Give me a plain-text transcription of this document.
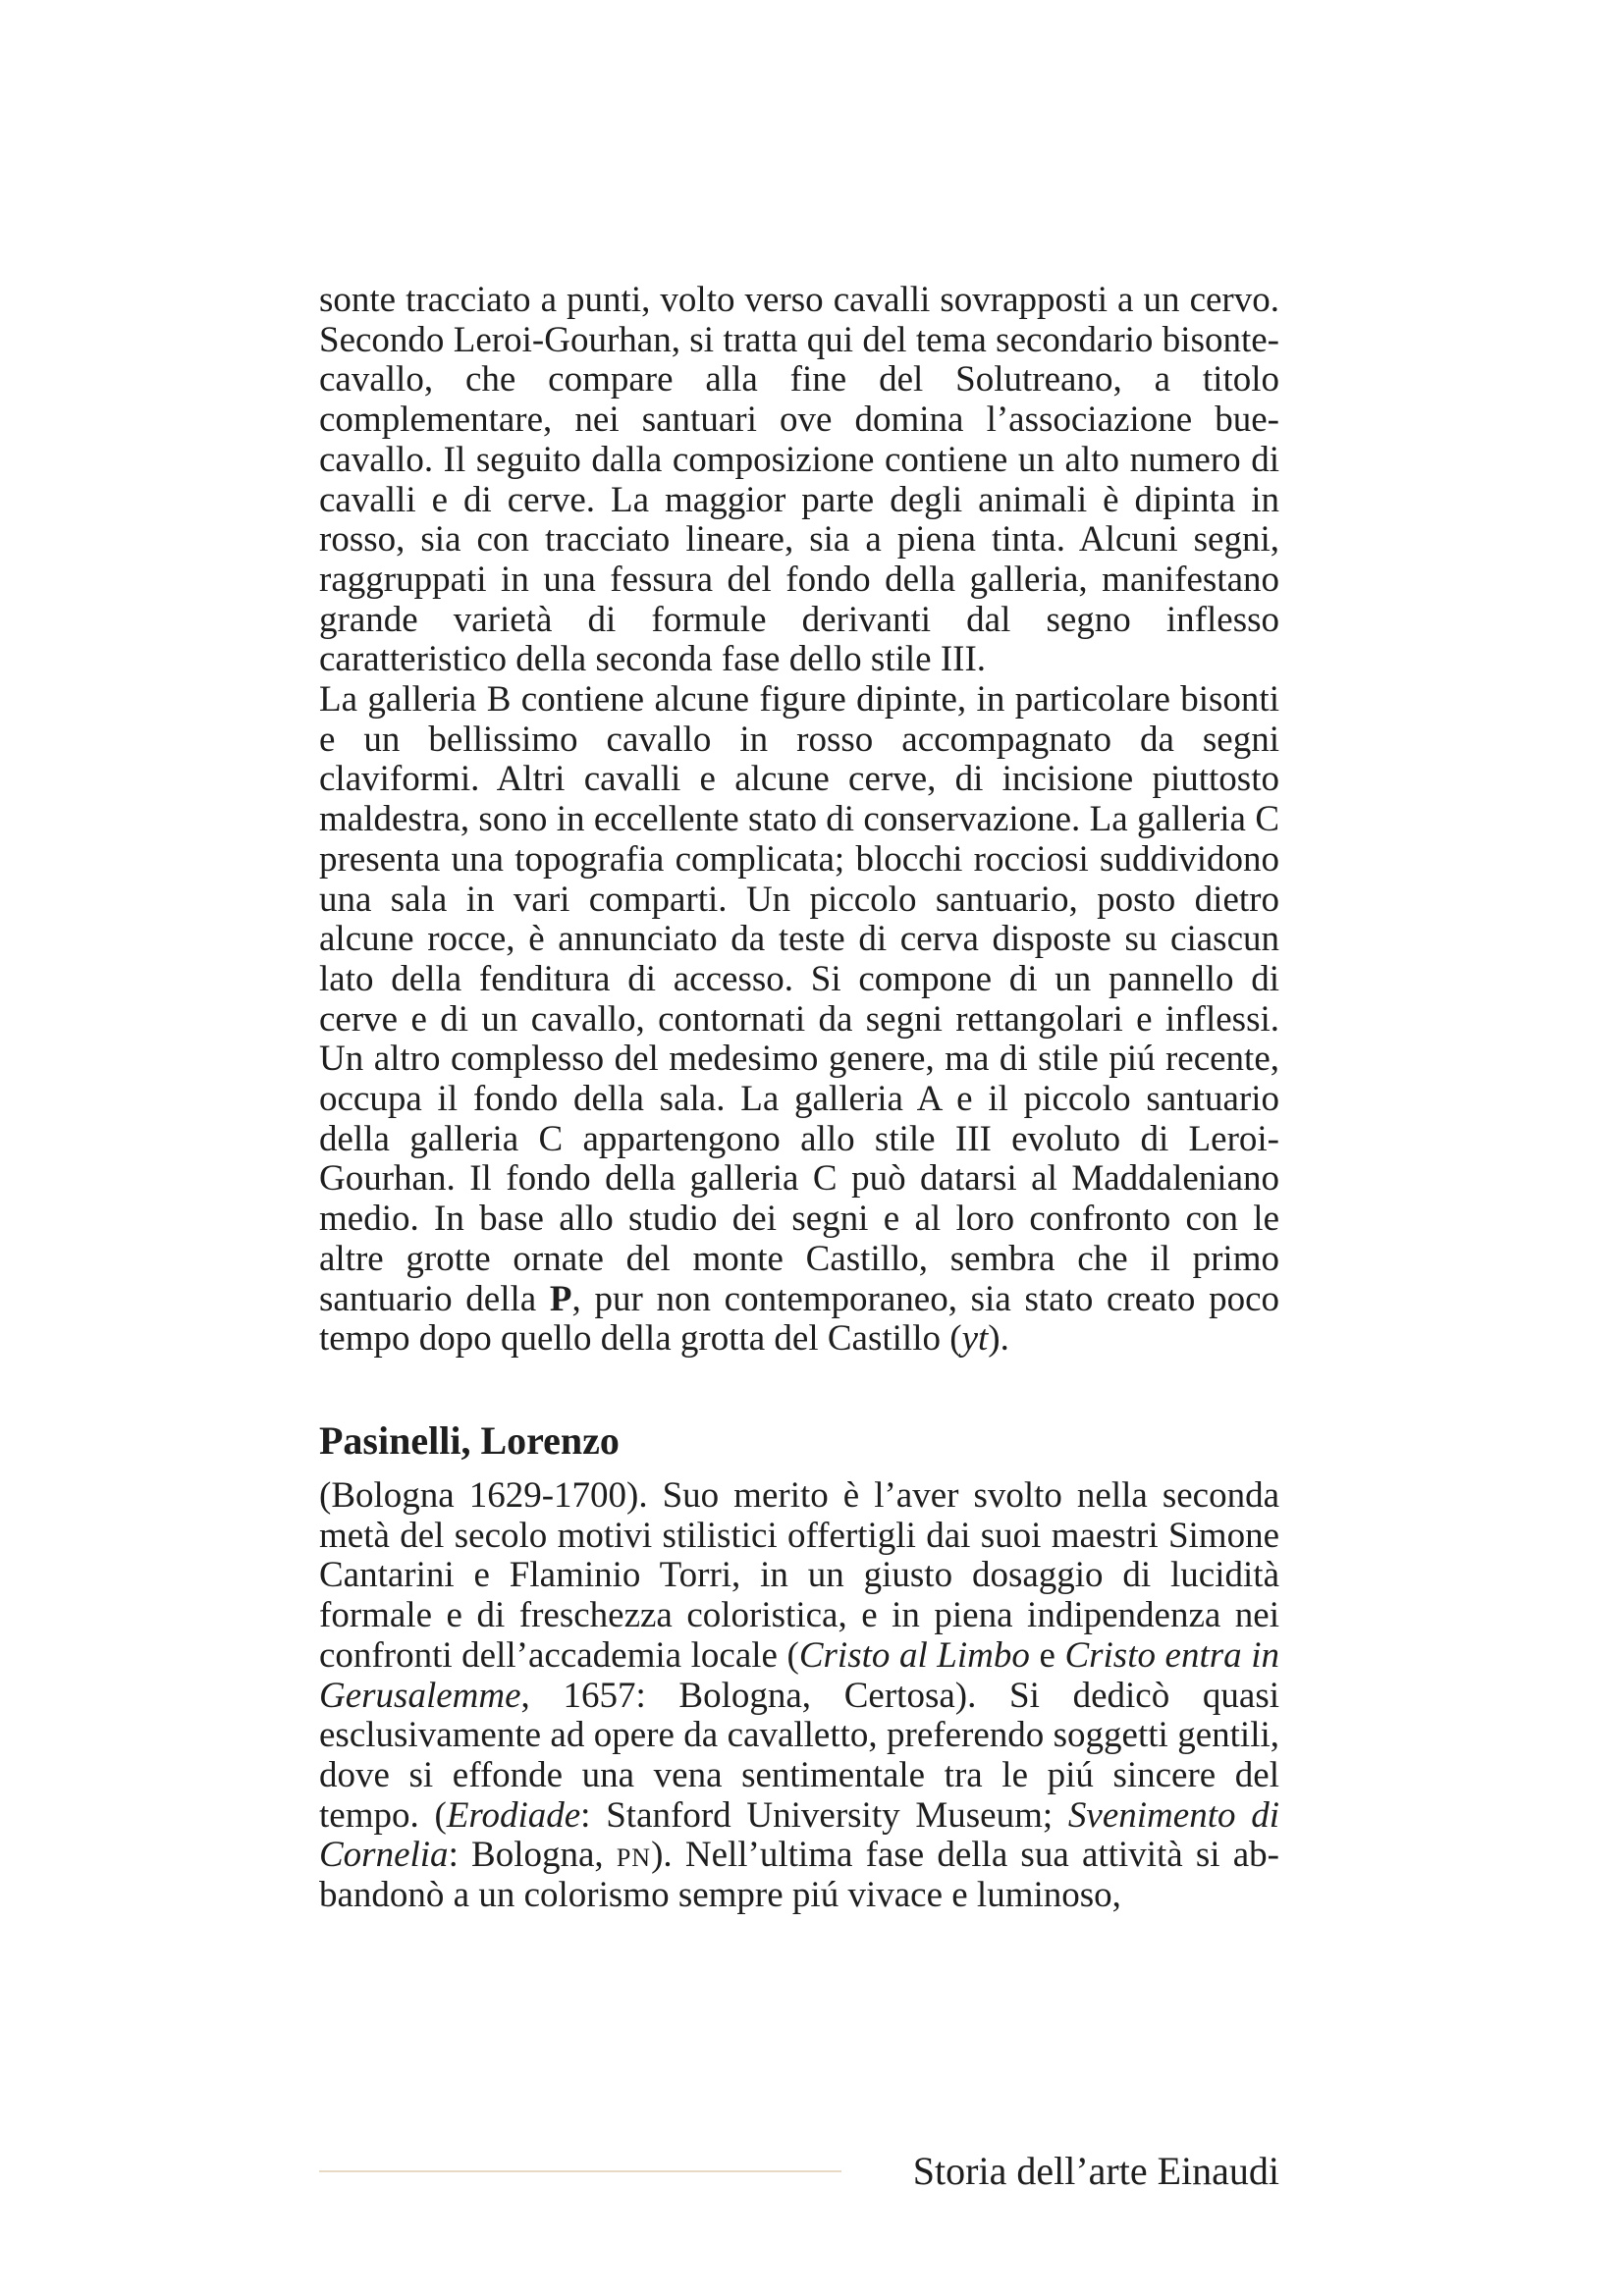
sonte tracciato a punti, volto verso cavalli sovrapposti a un cervo. Secondo Leroi-Gourhan, si tratta qui del tema secondario bisonte-cavallo, che compare alla fine del Solutreano, a titolo complementare, nei santuari ove domina l’associazione bue-cavallo. Il seguito dalla composizione contiene un alto numero di cavalli e di cerve. La maggior parte degli animali è dipinta in rosso, sia con tracciato lineare, sia a piena tinta. Alcuni segni, raggruppati in una fessura del fondo della galleria, manifestano grande varietà di formule derivanti dal segno inflesso caratteristico della seconda fase dello stile III.

La galleria B contiene alcune figure dipinte, in particolare bisonti e un bellissimo cavallo in rosso accompagnato da segni claviformi. Altri cavalli e alcune cerve, di incisione piuttosto maldestra, sono in eccellente stato di conservazione. La galleria C presenta una topografia complicata; blocchi rocciosi suddividono una sala in vari comparti. Un piccolo santuario, posto dietro alcune rocce, è annunciato da teste di cerva disposte su ciascun lato della fenditura di accesso. Si compone di un pannello di cerve e di un cavallo, contornati da segni rettangolari e inflessi. Un altro complesso del medesimo genere, ma di stile piú recente, occupa il fondo della sala. La galleria A e il piccolo santuario della galleria C appartengono allo stile III evoluto di Leroi-Gourhan. Il fondo della galleria C può datarsi al Maddaleniano medio. In base allo studio dei segni e al loro confronto con le altre grotte ornate del monte Castillo, sembra che il primo santuario della P, pur non contemporaneo, sia stato creato poco tempo dopo quello della grotta del Castillo (yt).

Pasinelli, Lorenzo

(Bologna 1629-1700). Suo merito è l’aver svolto nella seconda metà del secolo motivi stilistici offertigli dai suoi maestri Simone Cantarini e Flaminio Torri, in un giusto dosaggio di lucidità formale e di freschezza coloristica, e in piena indipendenza nei confronti dell’accademia locale (Cristo al Limbo e Cristo entra in Gerusalemme, 1657: Bologna, Certosa). Si dedicò quasi esclusivamente ad opere da cavalletto, preferendo soggetti gentili, dove si effonde una vena sentimentale tra le piú sincere del tempo. (Erodiade: Stanford University Museum; Svenimento di Cornelia: Bologna, pn). Nell’ultima fase della sua attività si abbandonò a un colorismo sempre piú vivace e luminoso,

Storia dell’arte Einaudi
